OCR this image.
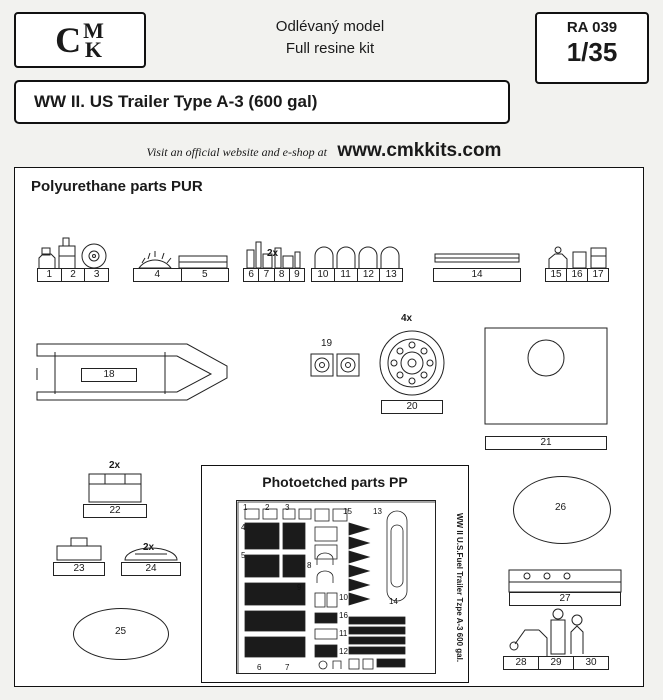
C M
K
Odlévaný model
Full resine kit
RA 039
1/35
WW II. US Trailer Type A-3 (600 gal)
Visit an official website and e-shop at www.cmkkits.com
Polyurethane parts PUR
2x
1	2	3	4	5	6 7 8 9	10	11	12	13	14	15 16 17
18
19
4x
20
21
2x
22
23
2x
24
25
26
27
28	29	30
Photoetched parts PP
1 2 3
4
5
6	7
8
9
10
11
12
13
14
15
16	WW II U.S.Fuel Trailer Tzpe A-3 600 gal.
